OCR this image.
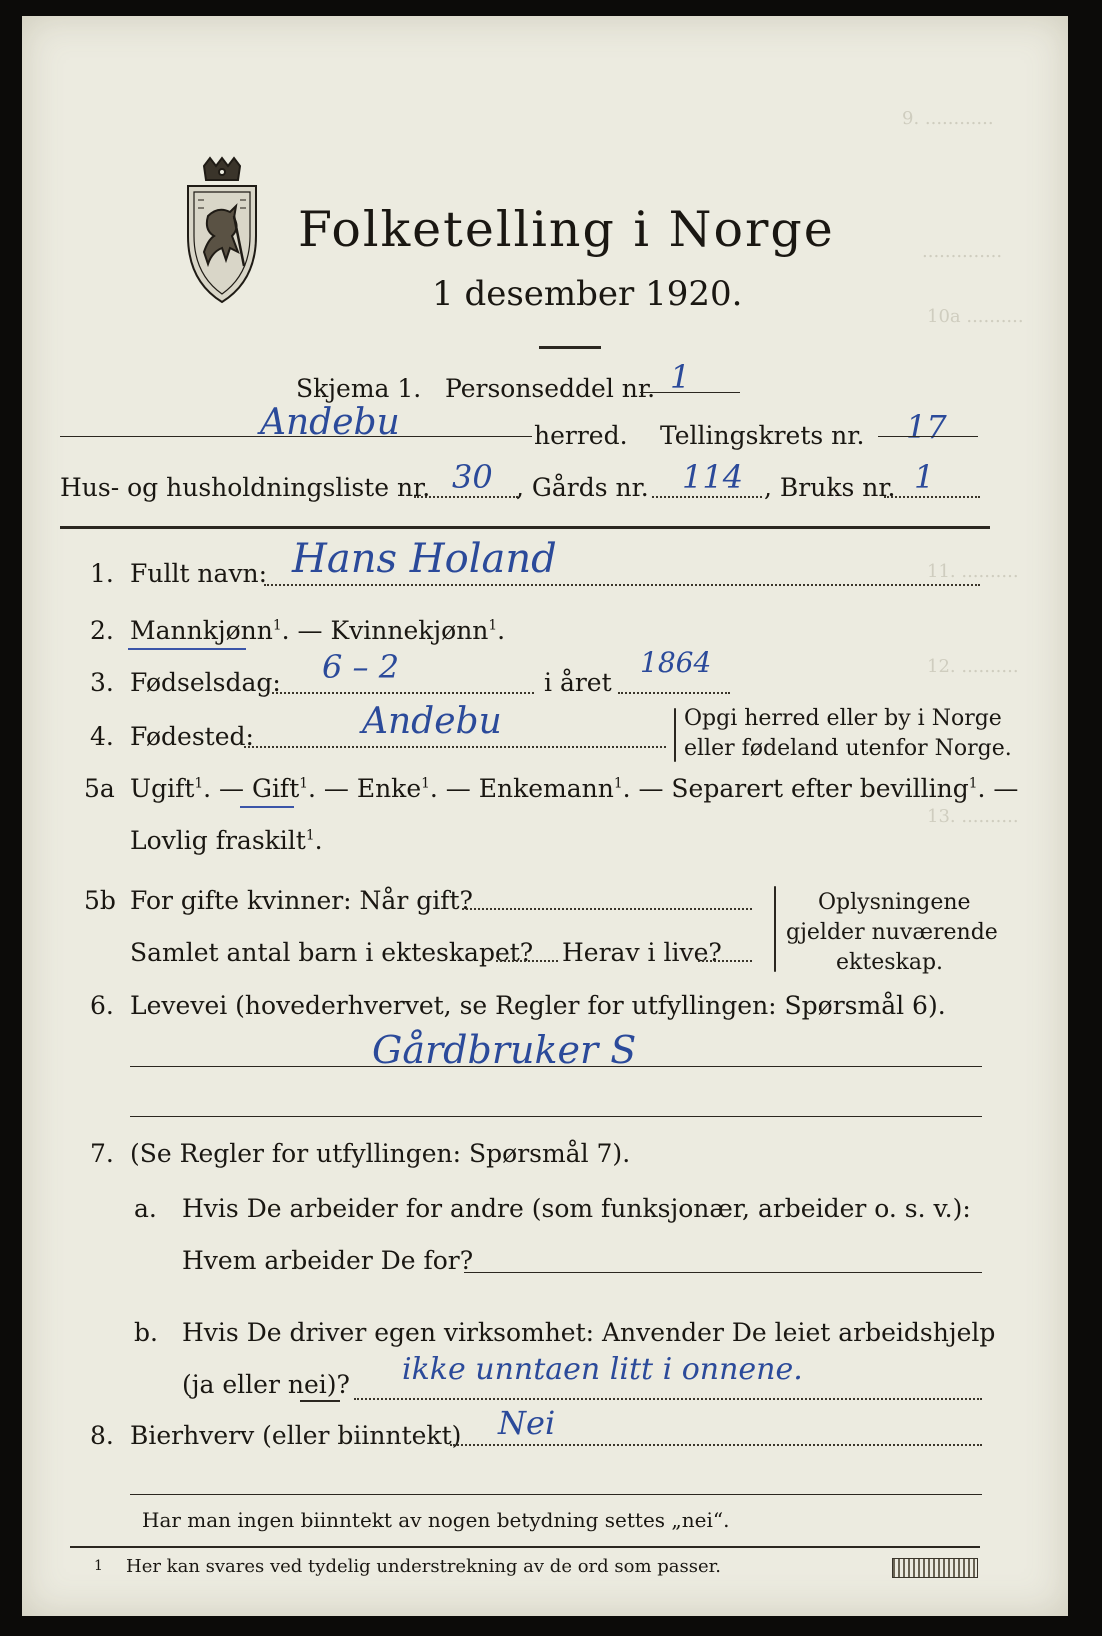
9. ............
..............
10a ..........
11. ..........
12. ..........
13. ..........
Folketelling i Norge
1 desember 1920.
Skjema 1. Personseddel nr. 1
Andebu	herred. Tellingskrets nr. 17
Hus- og husholdningsliste nr. 30 , Gårds nr. 114 , Bruks nr. 1
1. Fullt navn: Hans Holand
2. Mannkjønn$^1$. — Kvinnekjønn$^1$.
3. Fødselsdag: 6 – 2	i året
1864
4. Fødested:	Andebu	Opgi herred eller by i Norge
eller fødeland utenfor Norge.
5a Ugift$^1$. — Gift$^1$. — Enke$^1$. — Enkemann$^1$. — Separert efter bevilling$^1$. —
Lovlig fraskilt$^1$.
5b For gifte kvinner: Når gift?
Samlet antal barn i ekteskapet? Herav i live?
Oplysningene
gjelder nuværende
ekteskap.
6. Levevei (hovederhvervet, se Regler for utfyllingen: Spørsmål 6).
Gårdbruker S
7. (Se Regler for utfyllingen: Spørsmål 7).
a. Hvis De arbeider for andre (som funksjonær, arbeider o. s. v.):
Hvem arbeider De for?
b. Hvis De driver egen virksomhet: Anvender De leiet arbeidshjelp
(ja eller nei)? ikke unntaen litt i onnene.
8. Bierhverv (eller biinntekt) Nei
Har man ingen biinntekt av nogen betydning settes „nei“.
1 Her kan svares ved tydelig understrekning av de ord som passer.
